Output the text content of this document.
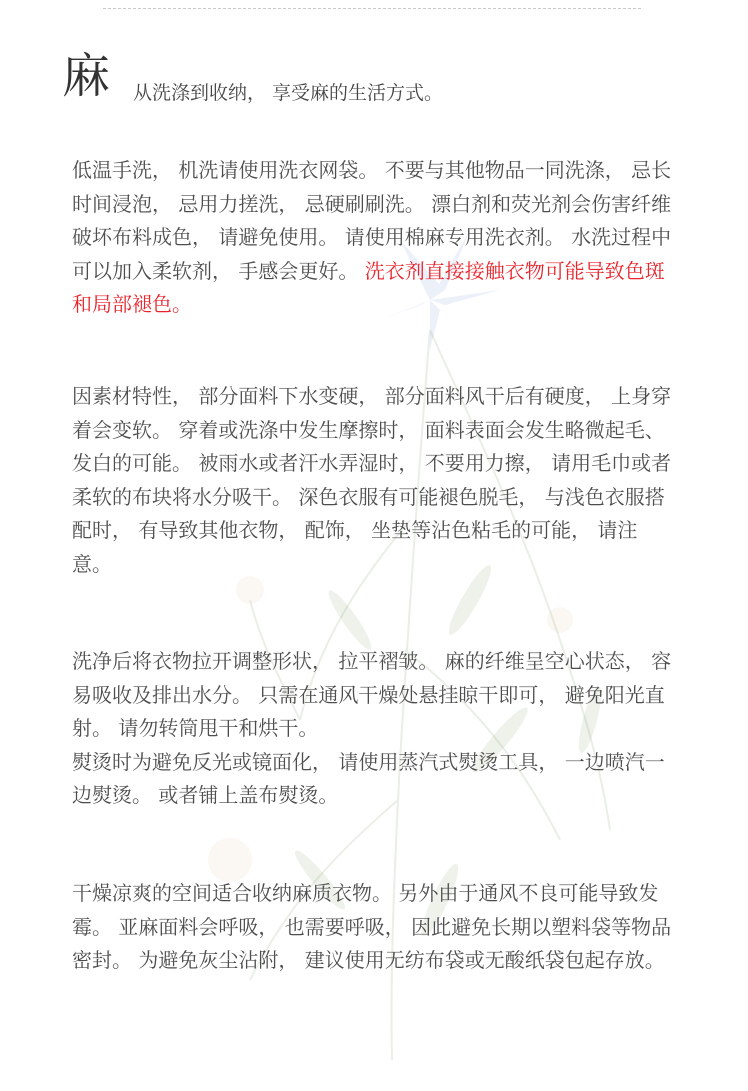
麻 从洗涤到收纳， 享受麻的生活方式。

低温手洗， 机洗请使用洗衣网袋。 不要与其他物品一同洗涤， 忌长时间浸泡， 忌用力搓洗， 忌硬刷刷洗。 漂白剂和荧光剂会伤害纤维 破坏布料成色， 请避免使用。 请使用棉麻专用洗衣剂。 水洗过程中可以加入柔软剂， 手感会更好。 洗衣剂直接接触衣物可能导致色斑和局部褪色。

因素材特性， 部分面料下水变硬， 部分面料风干后有硬度， 上身穿着会变软。 穿着或洗涤中发生摩擦时， 面料表面会发生略微起毛、 发白的可能。 被雨水或者汗水弄湿时， 不要用力擦， 请用毛巾或者柔软的布块将水分吸干。 深色衣服有可能褪色脱毛， 与浅色衣服搭配时， 有导致其他衣物， 配饰， 坐垫等沾色粘毛的可能， 请注意。

洗净后将衣物拉开调整形状， 拉平褶皱。 麻的纤维呈空心状态， 容易吸收及排出水分。 只需在通风干燥处悬挂晾干即可， 避免阳光直射。 请勿转筒甩干和烘干。
熨烫时为避免反光或镜面化， 请使用蒸汽式熨烫工具， 一边喷汽一边熨烫。 或者铺上盖布熨烫。

干燥凉爽的空间适合收纳麻质衣物。 另外由于通风不良可能导致发霉。 亚麻面料会呼吸， 也需要呼吸， 因此避免长期以塑料袋等物品密封。 为避免灰尘沾附， 建议使用无纺布袋或无酸纸袋包起存放。
